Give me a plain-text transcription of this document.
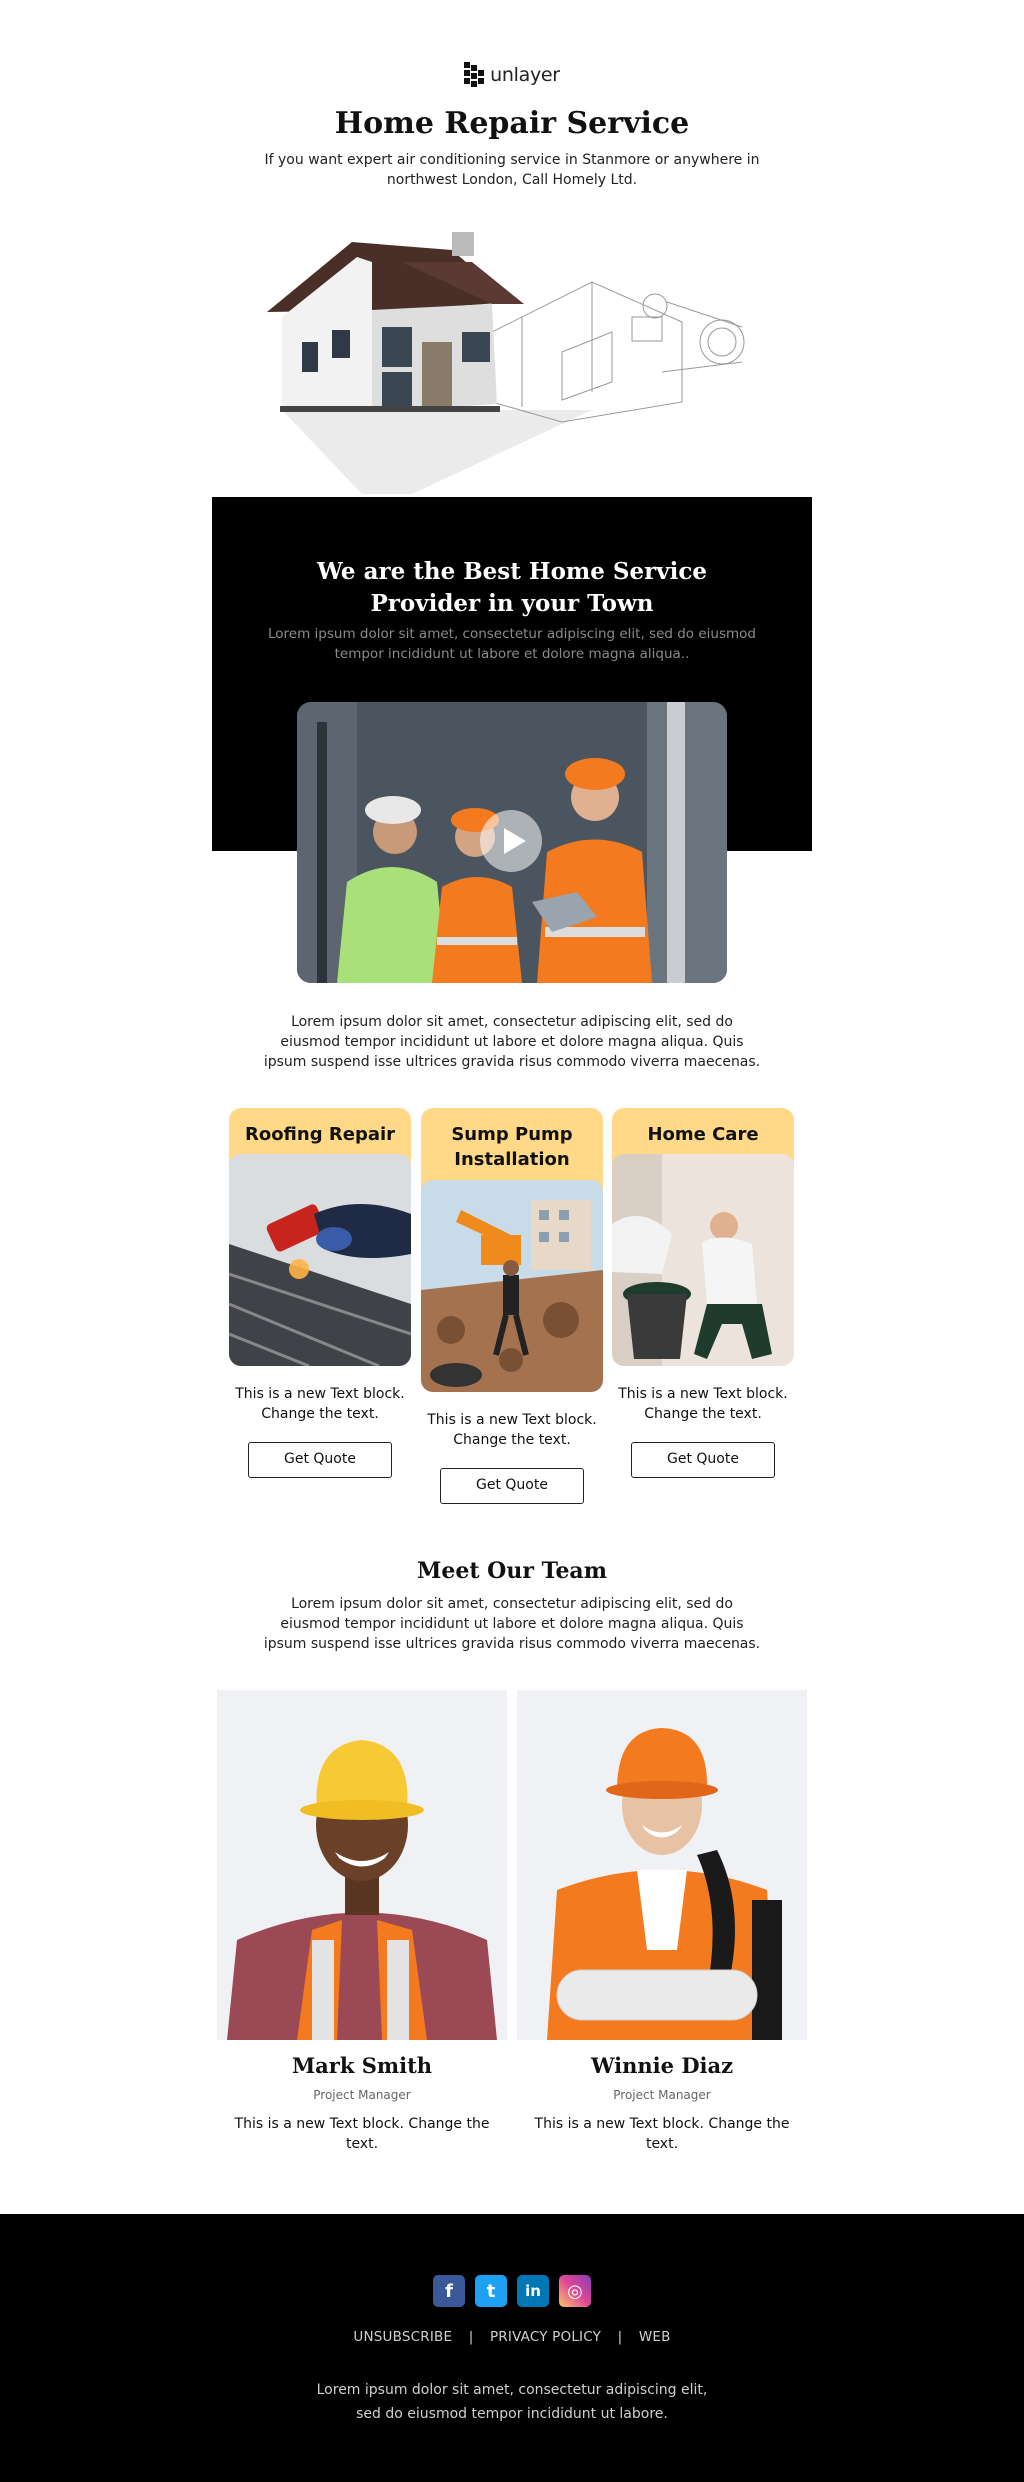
unlayer
Home Repair Service
If you want expert air conditioning service in Stanmore or anywhere in northwest London, Call Homely Ltd.
We are the Best Home Service
Provider in your Town
Lorem ipsum dolor sit amet, consectetur adipiscing elit, sed do eiusmod tempor incididunt ut labore et dolore magna aliqua..
Lorem ipsum dolor sit amet, consectetur adipiscing elit, sed do eiusmod tempor incididunt ut labore et dolore magna aliqua. Quis ipsum suspend isse ultrices gravida risus commodo viverra maecenas.
Roofing Repair
This is a new Text block. Change the text.
Get Quote
Sump Pump Installation
This is a new Text block. Change the text.
Get Quote
Home Care
This is a new Text block. Change the text.
Get Quote
Meet Our Team
Lorem ipsum dolor sit amet, consectetur adipiscing elit, sed do eiusmod tempor incididunt ut labore et dolore magna aliqua. Quis ipsum suspend isse ultrices gravida risus commodo viverra maecenas.
Mark Smith
Project Manager
This is a new Text block. Change the text.
Winnie Diaz
Project Manager
This is a new Text block. Change the text.
f	t	in	◎
UNSUBSCRIBE | PRIVACY POLICY | WEB
Lorem ipsum dolor sit amet, consectetur adipiscing elit, sed do eiusmod tempor incididunt ut labore.
